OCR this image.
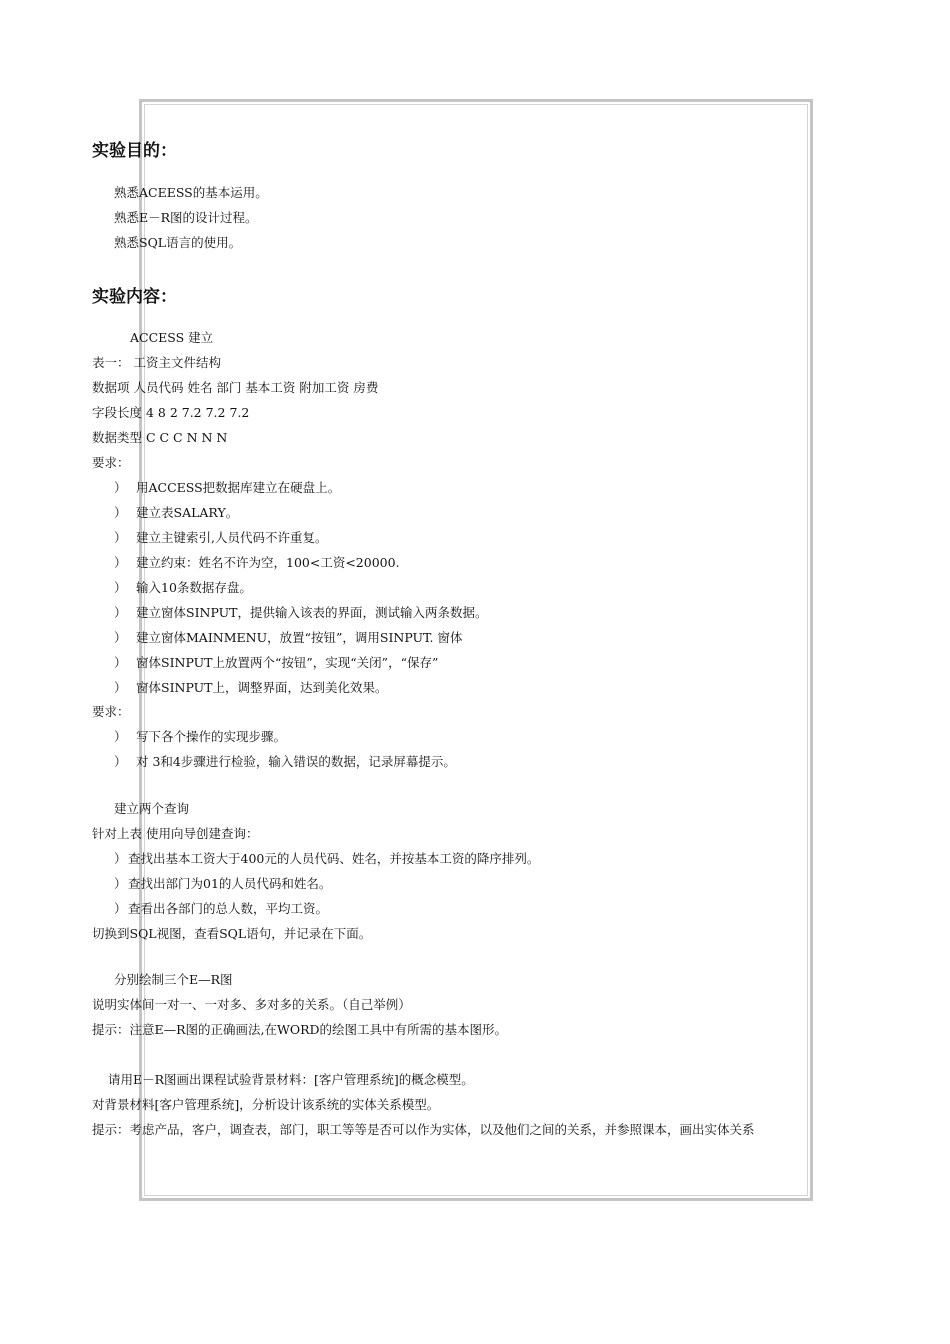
实验目的：
熟悉ACEESS的基本运用。
熟悉E－R图的设计过程。
熟悉SQL语言的使用。
实验内容：
ACCESS 建立
表一： 工资主文件结构
数据项 人员代码 姓名 部门 基本工资 附加工资 房费
字段长度 4 8 2 7.2 7.2 7.2
数据类型 C C C N N N
要求：
） 用ACCESS把数据库建立在硬盘上。
） 建立表SALARY。
） 建立主键索引,人员代码不许重复。
） 建立约束：姓名不许为空，100<工资<20000.
） 输入10条数据存盘。
） 建立窗体SINPUT，提供输入该表的界面，测试输入两条数据。
） 建立窗体MAINMENU，放置“按钮”，调用SINPUT. 窗体
） 窗体SINPUT上放置两个“按钮”，实现“关闭”，“保存”
） 窗体SINPUT上，调整界面，达到美化效果。
要求：
） 写下各个操作的实现步骤。
） 对 3和4步骤进行检验，输入错误的数据，记录屏幕提示。
建立两个查询
针对上表 使用向导创建查询：
）查找出基本工资大于400元的人员代码、姓名，并按基本工资的降序排列。
）查找出部门为01的人员代码和姓名。
）查看出各部门的总人数，平均工资。
切换到SQL视图，查看SQL语句，并记录在下面。
分别绘制三个E—R图
说明实体间一对一、一对多、多对多的关系。（自己举例）
提示：注意E—R图的正确画法,在WORD的绘图工具中有所需的基本图形。
请用E－R图画出课程试验背景材料：[客户管理系统]的概念模型。
对背景材料[客户管理系统]，分析设计该系统的实体关系模型。
提示：考虑产品，客户，调查表，部门，职工等等是否可以作为实体，以及他们之间的关系，并参照课本，画出实体关系
